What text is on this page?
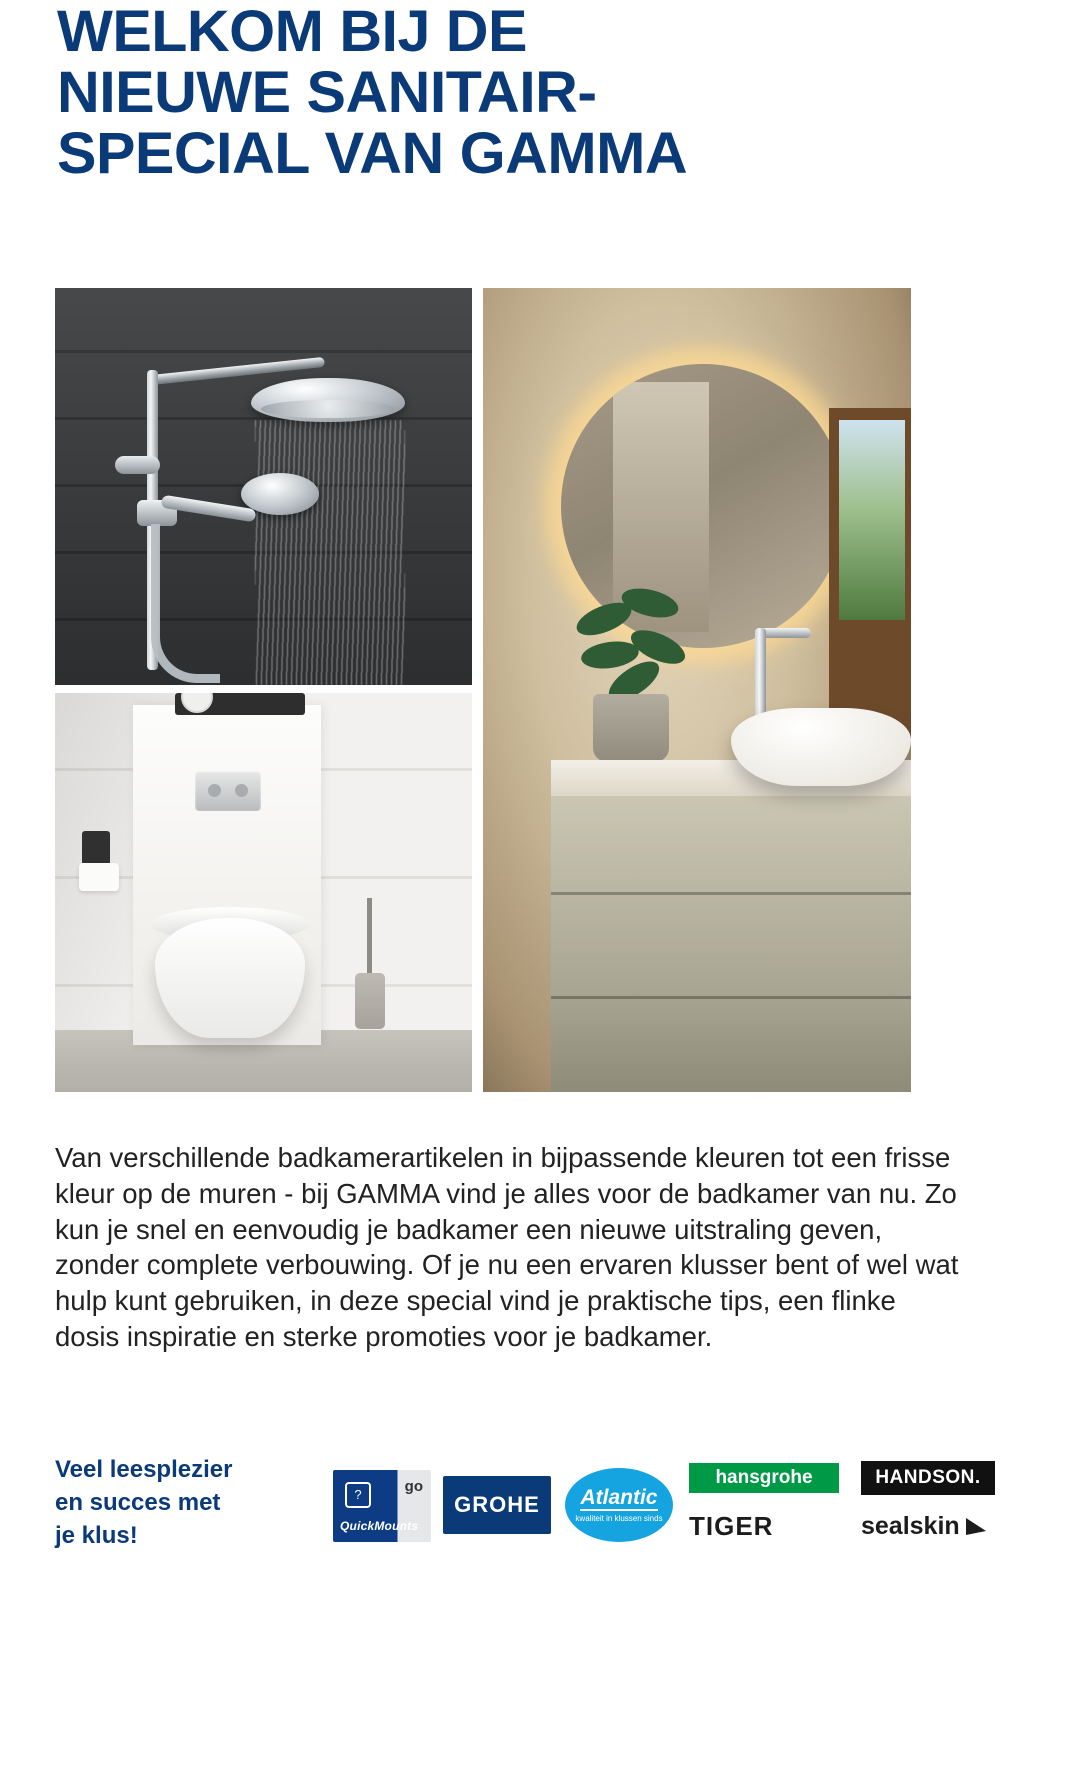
WELKOM BIJ DE
NIEUWE SANITAIR-
SPECIAL VAN GAMMA

Van verschillende badkamerartikelen in bijpassende kleuren tot een frisse kleur op de muren - bij GAMMA vind je alles voor de badkamer van nu. Zo kun je snel en eenvoudig je badkamer een nieuwe uitstraling geven, zonder complete verbouwing. Of je nu een ervaren klusser bent of wel wat hulp kunt gebruiken, in deze special vind je praktische tips, een flinke dosis inspiratie en sterke promoties voor je badkamer.

Veel leesplezier
en succes met
je klus!
?	go
QuickMounts
GROHE	Atlantic
kwaliteit in klussen sinds
hansgrohe
TIGER
HANDSON.
sealskin
